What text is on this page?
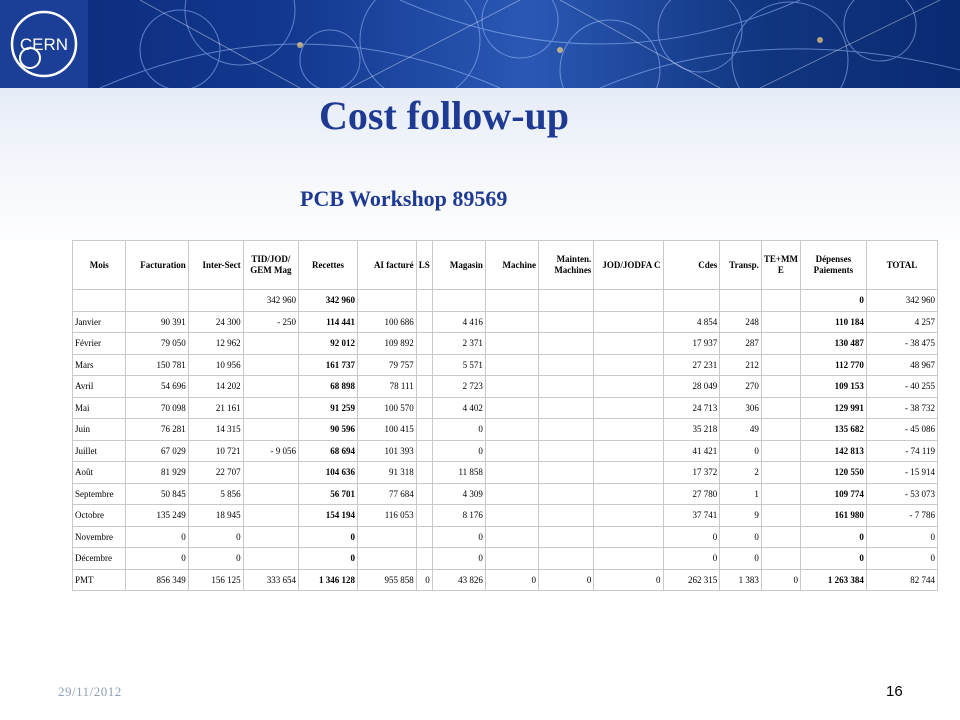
CERN
Cost follow-up
PCB Workshop 89569
Mois	Facturation	Inter-Sect	TID/JOD/ GEM Mag	Recettes	AI facturé	LS	Magasin	Machine	Mainten. Machines	JOD/JODFA C	Cdes	Transp.	TE+MM E	Dépenses Paiements	TOTAL
			342 960	342 960										0	342 960
Janvier	90 391	24 300	- 250	114 441	100 686		4 416				4 854	248		110 184	4 257
Février	79 050	12 962		92 012	109 892		2 371				17 937	287		130 487	- 38 475
Mars	150 781	10 956		161 737	79 757		5 571				27 231	212		112 770	48 967
Avril	54 696	14 202		68 898	78 111		2 723				28 049	270		109 153	- 40 255
Mai	70 098	21 161		91 259	100 570		4 402				24 713	306		129 991	- 38 732
Juin	76 281	14 315		90 596	100 415		0				35 218	49		135 682	- 45 086
Juillet	67 029	10 721	- 9 056	68 694	101 393		0				41 421	0		142 813	- 74 119
Août	81 929	22 707		104 636	91 318		11 858				17 372	2		120 550	- 15 914
Septembre	50 845	5 856		56 701	77 684		4 309				27 780	1		109 774	- 53 073
Octobre	135 249	18 945		154 194	116 053		8 176				37 741	9		161 980	- 7 786
Novembre	0	0		0			0				0	0		0	0
Décembre	0	0		0			0				0	0		0	0
PMT	856 349	156 125	333 654	1 346 128	955 858	0	43 826	0	0	0	262 315	1 383	0	1 263 384	82 744
29/11/2012	16
